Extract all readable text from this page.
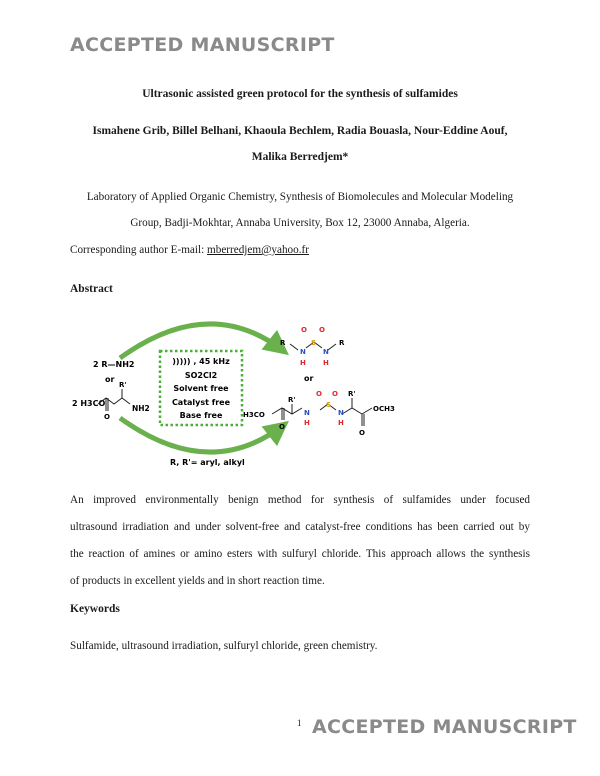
ACCEPTED MANUSCRIPT
Ultrasonic assisted green protocol for the synthesis of sulfamides
Ismahene Grib, Billel Belhani, Khaoula Bechlem, Radia Bouasla, Nour-Eddine Aouf,
Malika Berredjem*
Laboratory of Applied Organic Chemistry, Synthesis of Biomolecules and Molecular Modeling
Group, Badji-Mokhtar, Annaba University, Box 12, 23000 Annaba, Algeria.
Corresponding author E-mail: mberredjem@yahoo.fr
Abstract
))))) , 45 kHz
SO2Cl2
Solvent free
Catalyst free
Base free
2 R—NH2
or
2 H3CO
R'
O
NH2
R
N
H
S
O O
N
H
R
or
H3CO
O
R'
N
H
S
O O
N
H
R'
O
OCH3
R, R'= aryl, alkyl
An improved environmentally benign method for synthesis of sulfamides under focused
ultrasound irradiation and under solvent-free and catalyst-free conditions has been carried out by
the reaction of amines or amino esters with sulfuryl chloride. This approach allows the synthesis
of products in excellent yields and in short reaction time.
Keywords
Sulfamide, ultrasound irradiation, sulfuryl chloride, green chemistry.
1 ACCEPTED MANUSCRIPT
